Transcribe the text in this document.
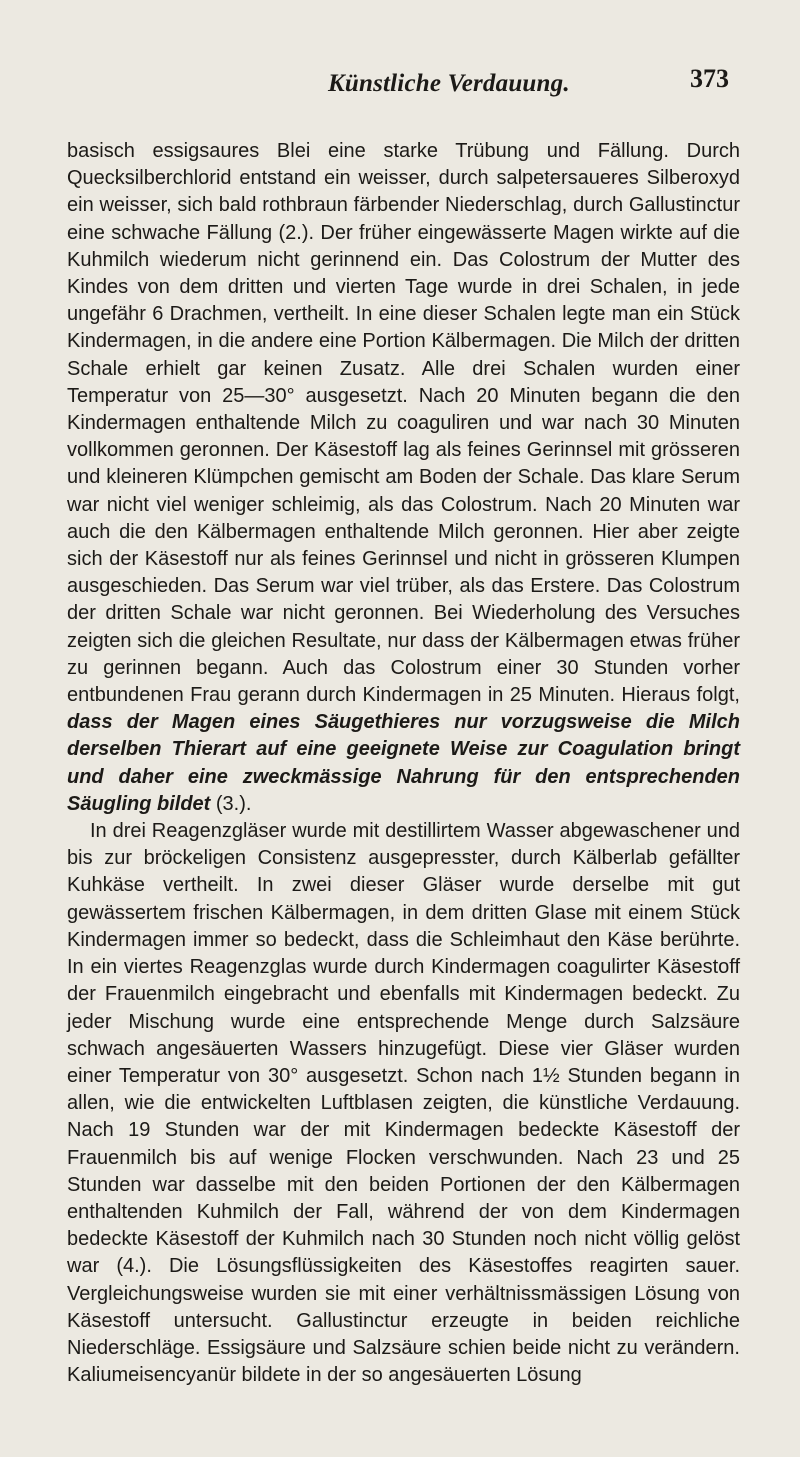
Künstliche Verdauung.	373

basisch essigsaures Blei eine starke Trübung und Fällung. Durch Quecksilberchlorid entstand ein weisser, durch salpetersaueres Silberoxyd ein weisser, sich bald rothbraun färbender Niederschlag, durch Gallustinctur eine schwache Fällung (2.). Der früher eingewässerte Magen wirkte auf die Kuhmilch wiederum nicht gerinnend ein. Das Colostrum der Mutter des Kindes von dem dritten und vierten Tage wurde in drei Schalen, in jede ungefähr 6 Drachmen, vertheilt. In eine dieser Schalen legte man ein Stück Kindermagen, in die andere eine Portion Kälbermagen. Die Milch der dritten Schale erhielt gar keinen Zusatz. Alle drei Schalen wurden einer Temperatur von 25—30° ausgesetzt. Nach 20 Minuten begann die den Kindermagen enthaltende Milch zu coaguliren und war nach 30 Minuten vollkommen geronnen. Der Käsestoff lag als feines Gerinnsel mit grösseren und kleineren Klümpchen gemischt am Boden der Schale. Das klare Serum war nicht viel weniger schleimig, als das Colostrum. Nach 20 Minuten war auch die den Kälbermagen enthaltende Milch geronnen. Hier aber zeigte sich der Käsestoff nur als feines Gerinnsel und nicht in grösseren Klumpen ausgeschieden. Das Serum war viel trüber, als das Erstere. Das Colostrum der dritten Schale war nicht geronnen. Bei Wiederholung des Versuches zeigten sich die gleichen Resultate, nur dass der Kälbermagen etwas früher zu gerinnen begann. Auch das Colostrum einer 30 Stunden vorher entbundenen Frau gerann durch Kindermagen in 25 Minuten. Hieraus folgt, dass der Magen eines Säugethieres nur vorzugsweise die Milch derselben Thierart auf eine geeignete Weise zur Coagulation bringt und daher eine zweckmässige Nahrung für den entsprechenden Säugling bildet (3.).

In drei Reagenzgläser wurde mit destillirtem Wasser abgewaschener und bis zur bröckeligen Consistenz ausgepresster, durch Kälberlab gefällter Kuhkäse vertheilt. In zwei dieser Gläser wurde derselbe mit gut gewässertem frischen Kälbermagen, in dem dritten Glase mit einem Stück Kindermagen immer so bedeckt, dass die Schleimhaut den Käse berührte. In ein viertes Reagenzglas wurde durch Kindermagen coagulirter Käsestoff der Frauenmilch eingebracht und ebenfalls mit Kindermagen bedeckt. Zu jeder Mischung wurde eine entsprechende Menge durch Salzsäure schwach angesäuerten Wassers hinzugefügt. Diese vier Gläser wurden einer Temperatur von 30° ausgesetzt. Schon nach 1½ Stunden begann in allen, wie die entwickelten Luftblasen zeigten, die künstliche Verdauung. Nach 19 Stunden war der mit Kindermagen bedeckte Käsestoff der Frauenmilch bis auf wenige Flocken verschwunden. Nach 23 und 25 Stunden war dasselbe mit den beiden Portionen der den Kälbermagen enthaltenden Kuhmilch der Fall, während der von dem Kindermagen bedeckte Käsestoff der Kuhmilch nach 30 Stunden noch nicht völlig gelöst war (4.). Die Lösungsflüssigkeiten des Käsestoffes reagirten sauer. Vergleichungsweise wurden sie mit einer verhältnissmässigen Lösung von Käsestoff untersucht. Gallustinctur erzeugte in beiden reichliche Niederschläge. Essigsäure und Salzsäure schien beide nicht zu verändern. Kaliumeisencyanür bildete in der so angesäuerten Lösung
